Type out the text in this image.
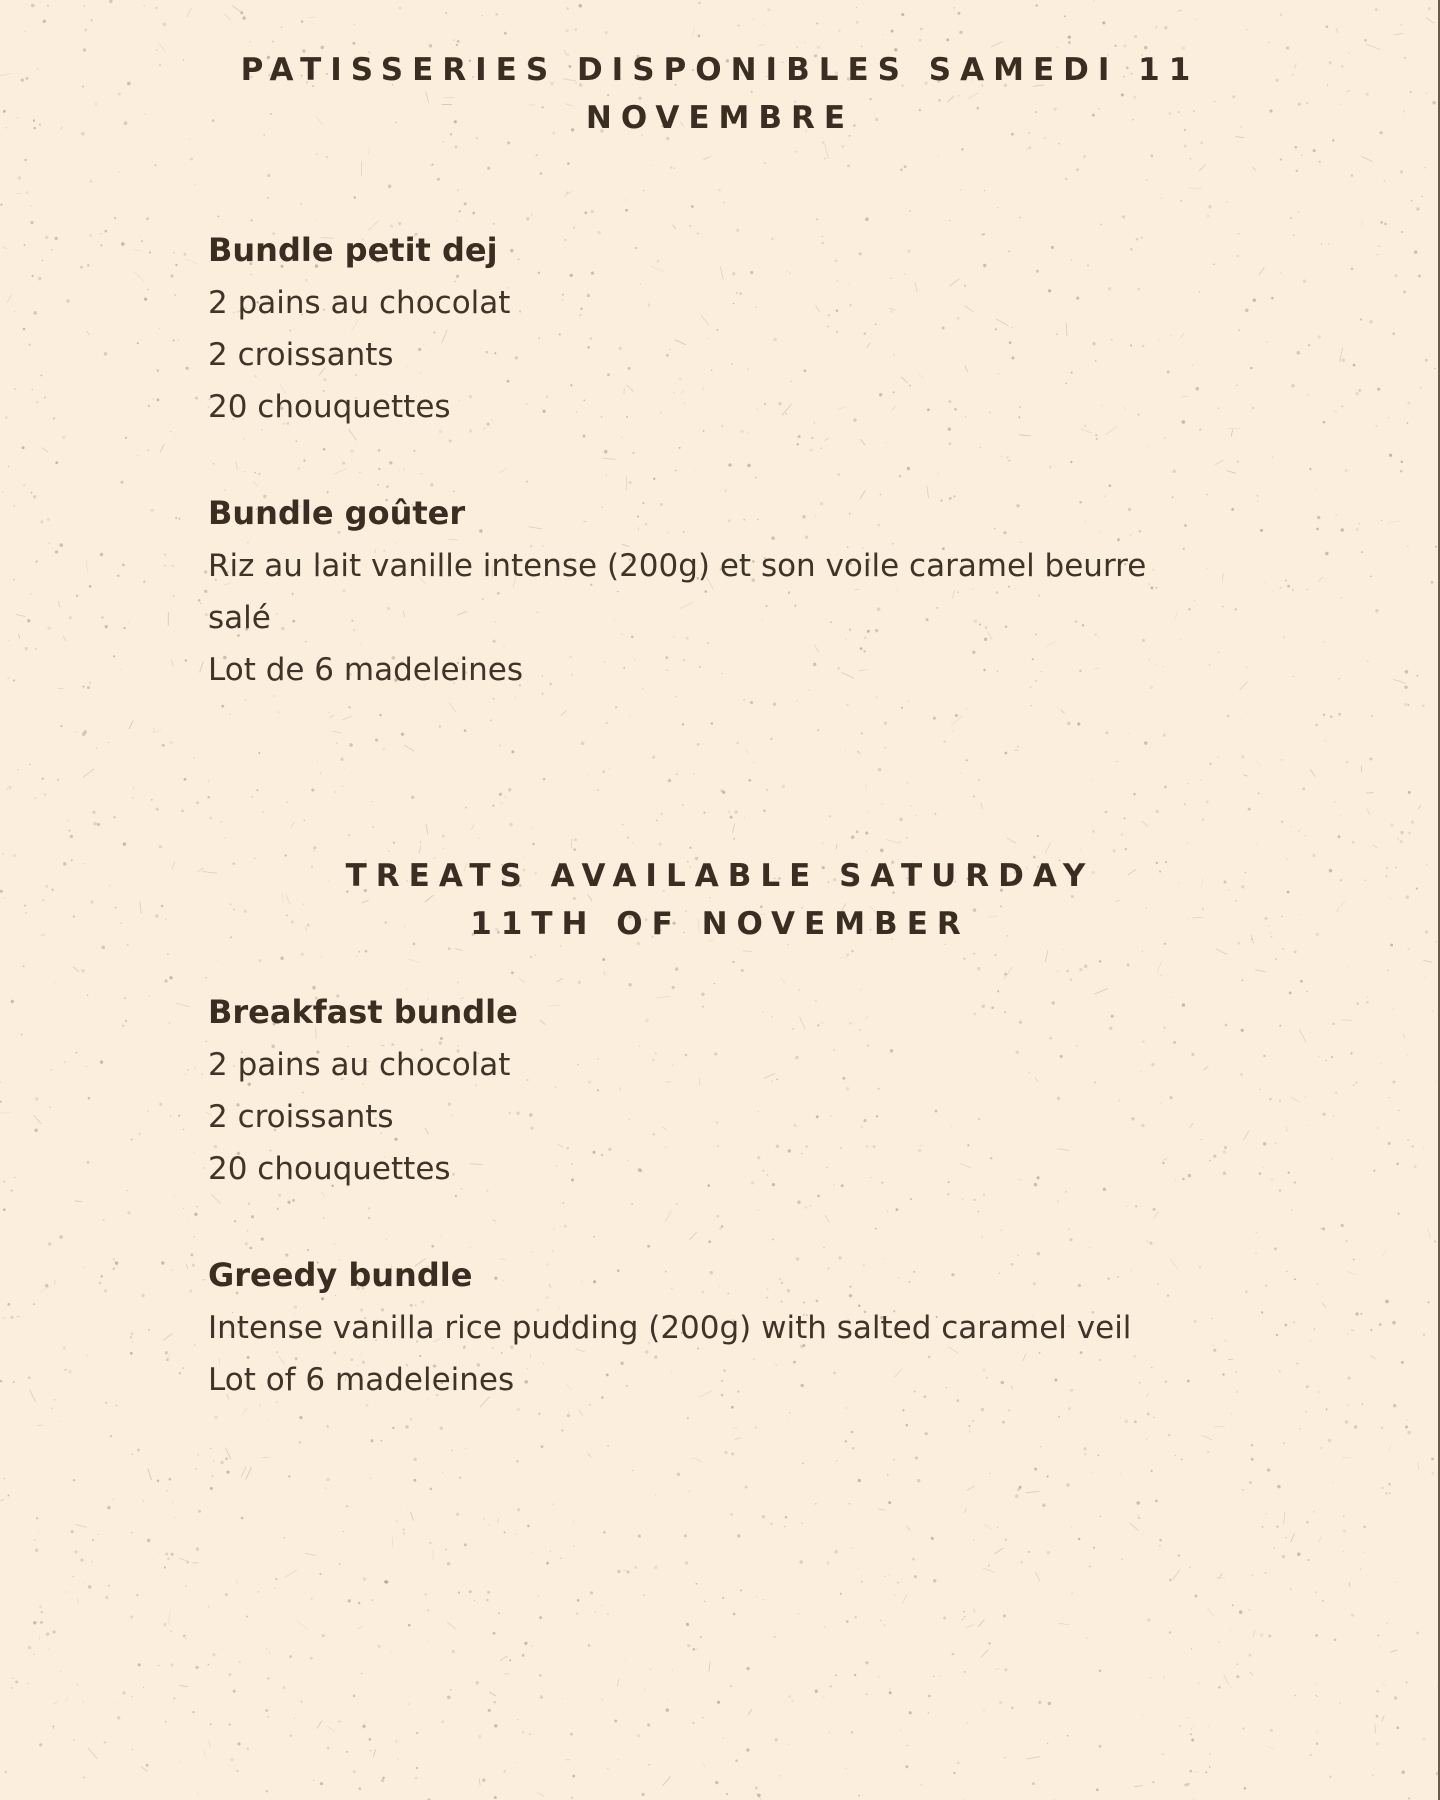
PATISSERIES DISPONIBLES SAMEDI 11
NOVEMBRE

Bundle petit dej

2 pains au chocolat

2 croissants

20 chouquettes

Bundle goûter

Riz au lait vanille intense (200g) et son voile caramel beurre

salé

Lot de 6 madeleines

TREATS AVAILABLE SATURDAY
11TH OF NOVEMBER

Breakfast bundle

2 pains au chocolat

2 croissants

20 chouquettes

Greedy bundle

Intense vanilla rice pudding (200g) with salted caramel veil

Lot of 6 madeleines
